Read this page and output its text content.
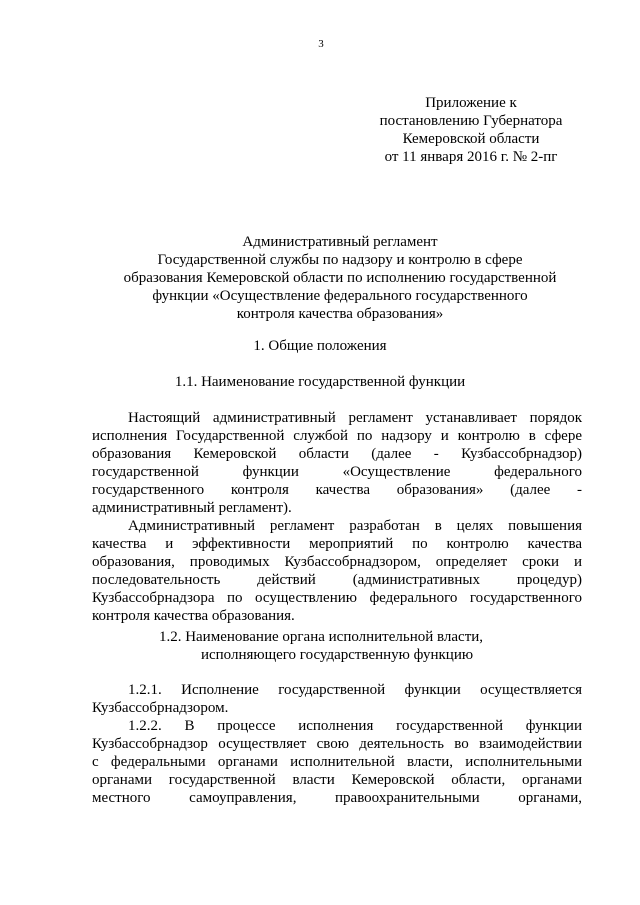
3
Приложение к
постановлению Губернатора
Кемеровской области
от 11 января 2016 г. № 2-пг
Административный регламент
Государственной службы по надзору и контролю в сфере
образования Кемеровской области по исполнению государственной
функции «Осуществление федерального государственного
контроля качества образования»
1. Общие положения
1.1. Наименование государственной функции
Настоящий административный регламент устанавливает порядок
исполнения Государственной службой по надзору и контролю в сфере
образования Кемеровской области (далее - Кузбассобрнадзор)
государственной функции «Осуществление федерального
государственного контроля качества образования» (далее -
административный регламент).
Административный регламент разработан в целях повышения
качества и эффективности мероприятий по контролю качества
образования, проводимых Кузбассобрнадзором, определяет сроки и
последовательность действий (административных процедур)
Кузбассобрнадзора по осуществлению федерального государственного
контроля качества образования.
1.2. Наименование органа исполнительной власти,
исполняющего государственную функцию
1.2.1. Исполнение государственной функции осуществляется
Кузбассобрнадзором.
1.2.2. В процессе исполнения государственной функции
Кузбассобрнадзор осуществляет свою деятельность во взаимодействии
с федеральными органами исполнительной власти, исполнительными
органами государственной власти Кемеровской области, органами
местного самоуправления, правоохранительными органами,
